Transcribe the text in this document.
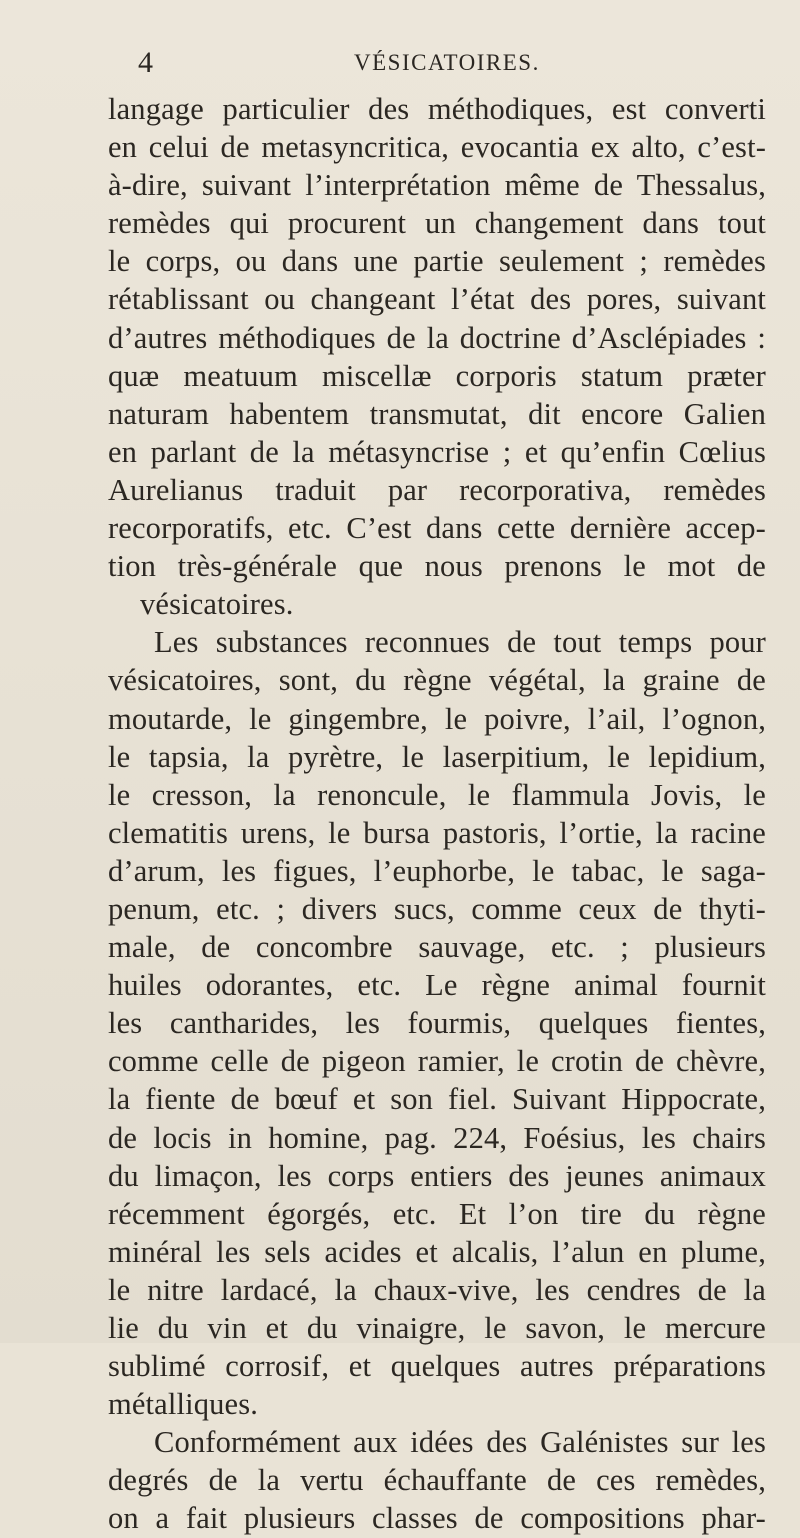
4	VÉSICATOIRES.
langage particulier des méthodiques, est converti
en celui de metasyncritica, evocantia ex alto, c’est-
à-dire, suivant l’interprétation même de Thessalus,
remèdes qui procurent un changement dans tout
le corps, ou dans une partie seulement ; remèdes
rétablissant ou changeant l’état des pores, suivant
d’autres méthodiques de la doctrine d’Asclépiades :
quæ meatuum miscellæ corporis statum præter
naturam habentem transmutat, dit encore Galien
en parlant de la métasyncrise ; et qu’enfin Cœlius
Aurelianus traduit par recorporativa, remèdes
recorporatifs, etc. C’est dans cette dernière accep-
tion très-générale que nous prenons le mot de
vésicatoires.
Les substances reconnues de tout temps pour
vésicatoires, sont, du règne végétal, la graine de
moutarde, le gingembre, le poivre, l’ail, l’ognon,
le tapsia, la pyrètre, le laserpitium, le lepidium,
le cresson, la renoncule, le flammula Jovis, le
clematitis urens, le bursa pastoris, l’ortie, la racine
d’arum, les figues, l’euphorbe, le tabac, le saga-
penum, etc. ; divers sucs, comme ceux de thyti-
male, de concombre sauvage, etc. ; plusieurs
huiles odorantes, etc. Le règne animal fournit
les cantharides, les fourmis, quelques fientes,
comme celle de pigeon ramier, le crotin de chèvre,
la fiente de bœuf et son fiel. Suivant Hippocrate,
de locis in homine, pag. 224, Foésius, les chairs
du limaçon, les corps entiers des jeunes animaux
récemment égorgés, etc. Et l’on tire du règne
minéral les sels acides et alcalis, l’alun en plume,
le nitre lardacé, la chaux-vive, les cendres de la
lie du vin et du vinaigre, le savon, le mercure
sublimé corrosif, et quelques autres préparations
métalliques.
Conformément aux idées des Galénistes sur les
degrés de la vertu échauffante de ces remèdes,
on a fait plusieurs classes de compositions phar-
